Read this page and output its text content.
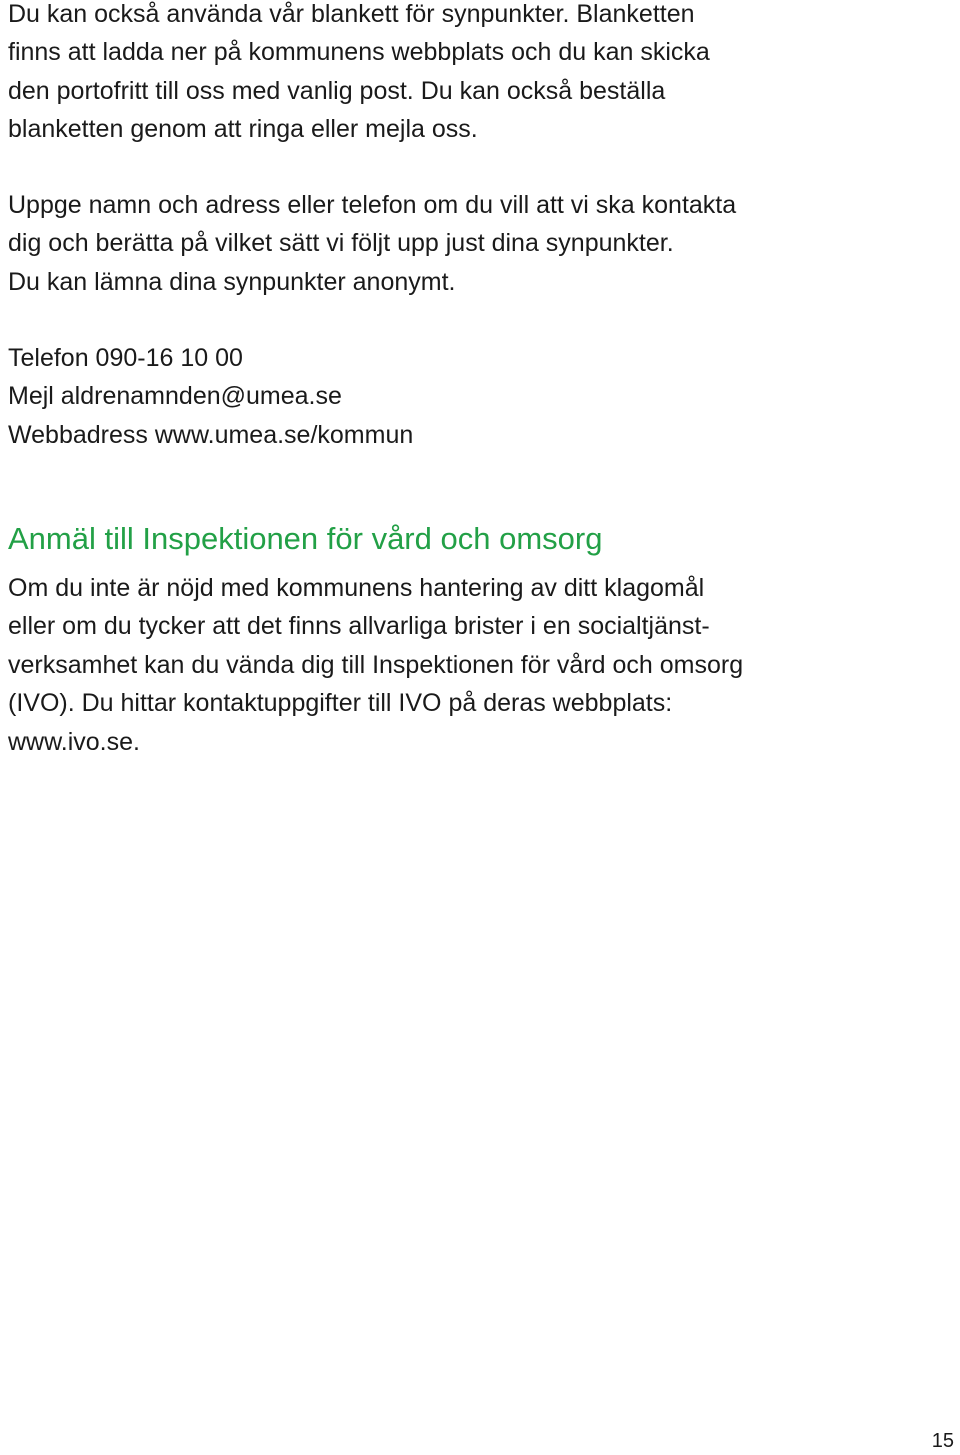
Du kan också använda vår blankett för synpunkter. Blanketten

finns att ladda ner på kommunens webbplats och du kan skicka

den portofritt till oss med vanlig post. Du kan också beställa

blanketten genom att ringa eller mejla oss.

Uppge namn och adress eller telefon om du vill att vi ska kontakta

dig och berätta på vilket sätt vi följt upp just dina synpunkter.

Du kan lämna dina synpunkter anonymt.

Telefon 090-16 10 00

Mejl aldrenamnden@umea.se

Webbadress www.umea.se/kommun

Anmäl till Inspektionen för vård och omsorg

Om du inte är nöjd med kommunens hantering av ditt klagomål

eller om du tycker att det finns allvarliga brister i en socialtjänst-

verksamhet kan du vända dig till Inspektionen för vård och omsorg

(IVO). Du hittar kontaktuppgifter till IVO på deras webbplats:

www.ivo.se.

15
